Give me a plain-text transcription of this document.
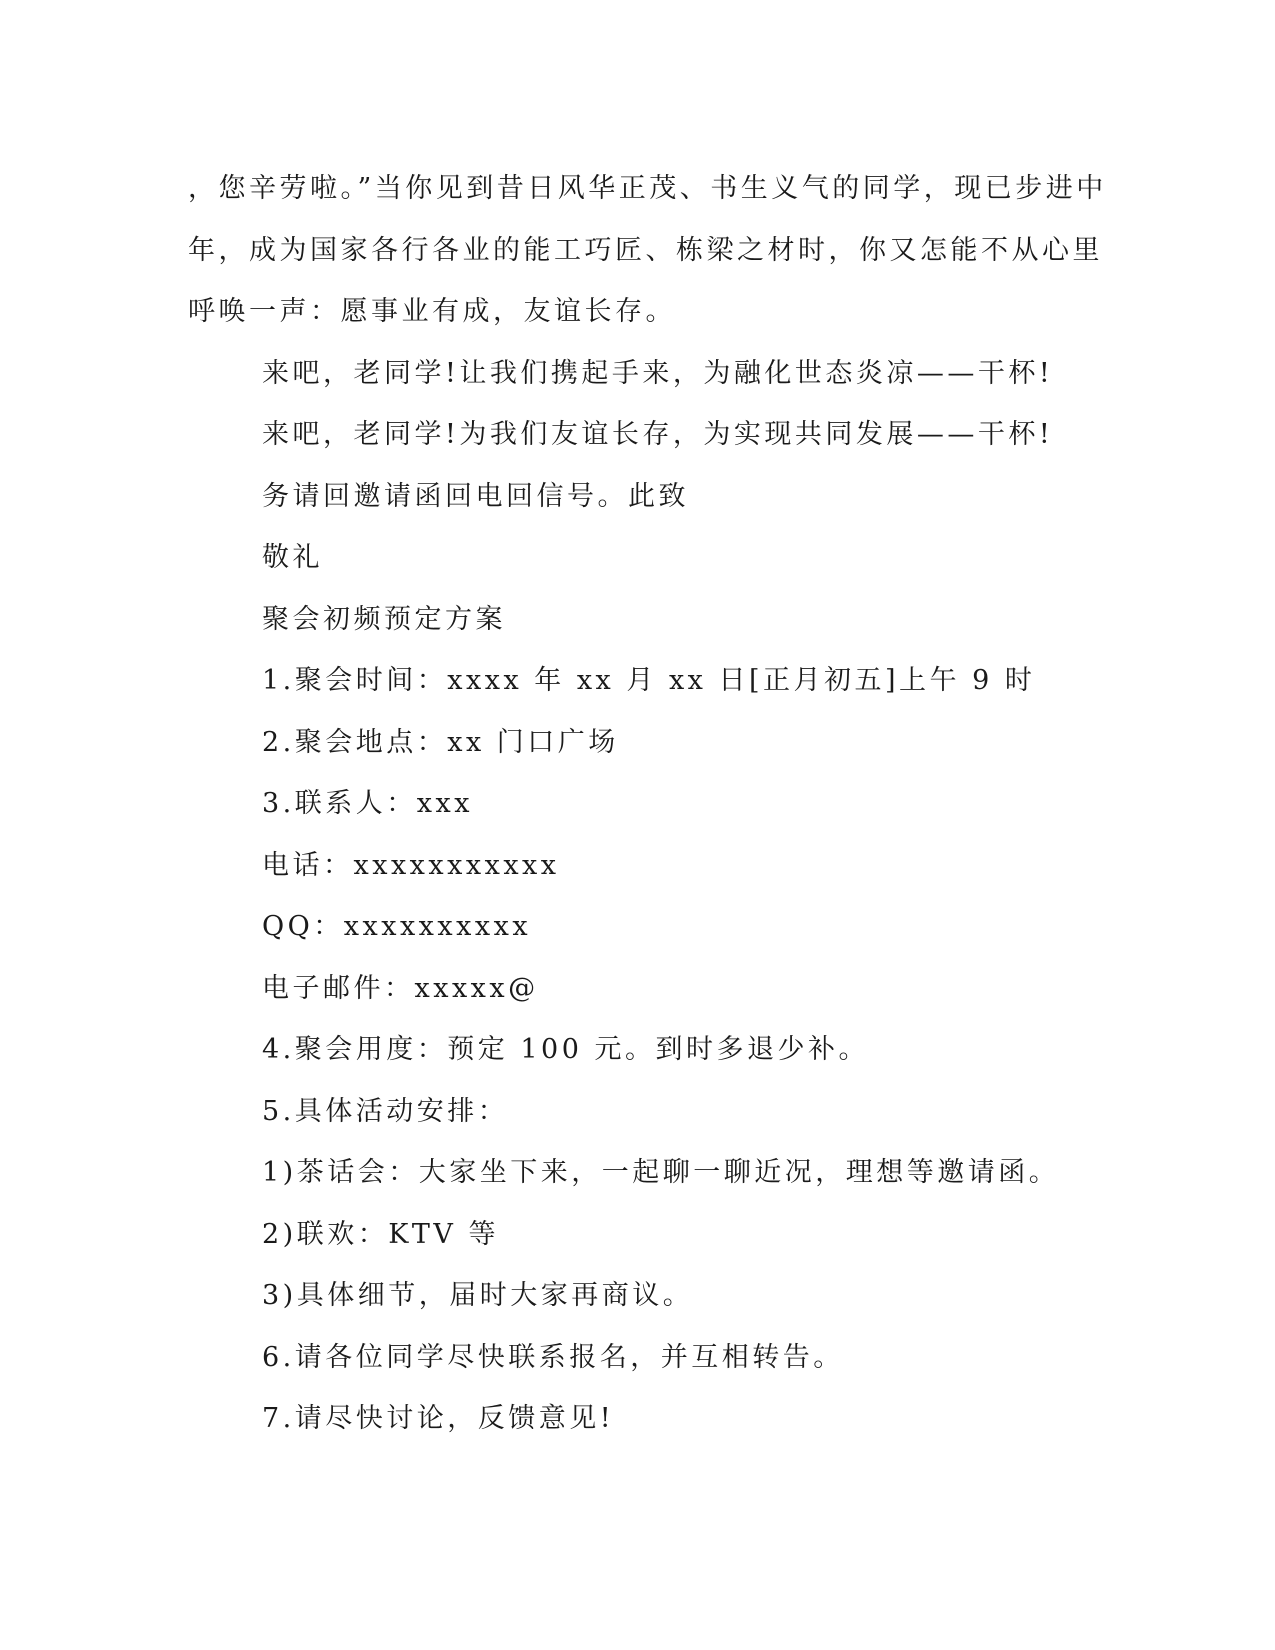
，您辛劳啦。”当你见到昔日风华正茂、书生义气的同学，现已步进中
年，成为国家各行各业的能工巧匠、栋梁之材时，你又怎能不从心里
呼唤一声：愿事业有成，友谊长存。
来吧，老同学!让我们携起手来，为融化世态炎凉——干杯!
来吧，老同学!为我们友谊长存，为实现共同发展——干杯!
务请回邀请函回电回信号。此致
敬礼
聚会初频预定方案
1.聚会时间：xxxx 年 xx 月 xx 日[正月初五]上午 9 时
2.聚会地点：xx 门口广场
3.联系人：xxx
电话：xxxxxxxxxxx
QQ：xxxxxxxxxx
电子邮件：xxxxx@
4.聚会用度：预定 100 元。到时多退少补。
5.具体活动安排：
1)茶话会：大家坐下来，一起聊一聊近况，理想等邀请函。
2)联欢：KTV 等
3)具体细节，届时大家再商议。
6.请各位同学尽快联系报名，并互相转告。
7.请尽快讨论，反馈意见!
